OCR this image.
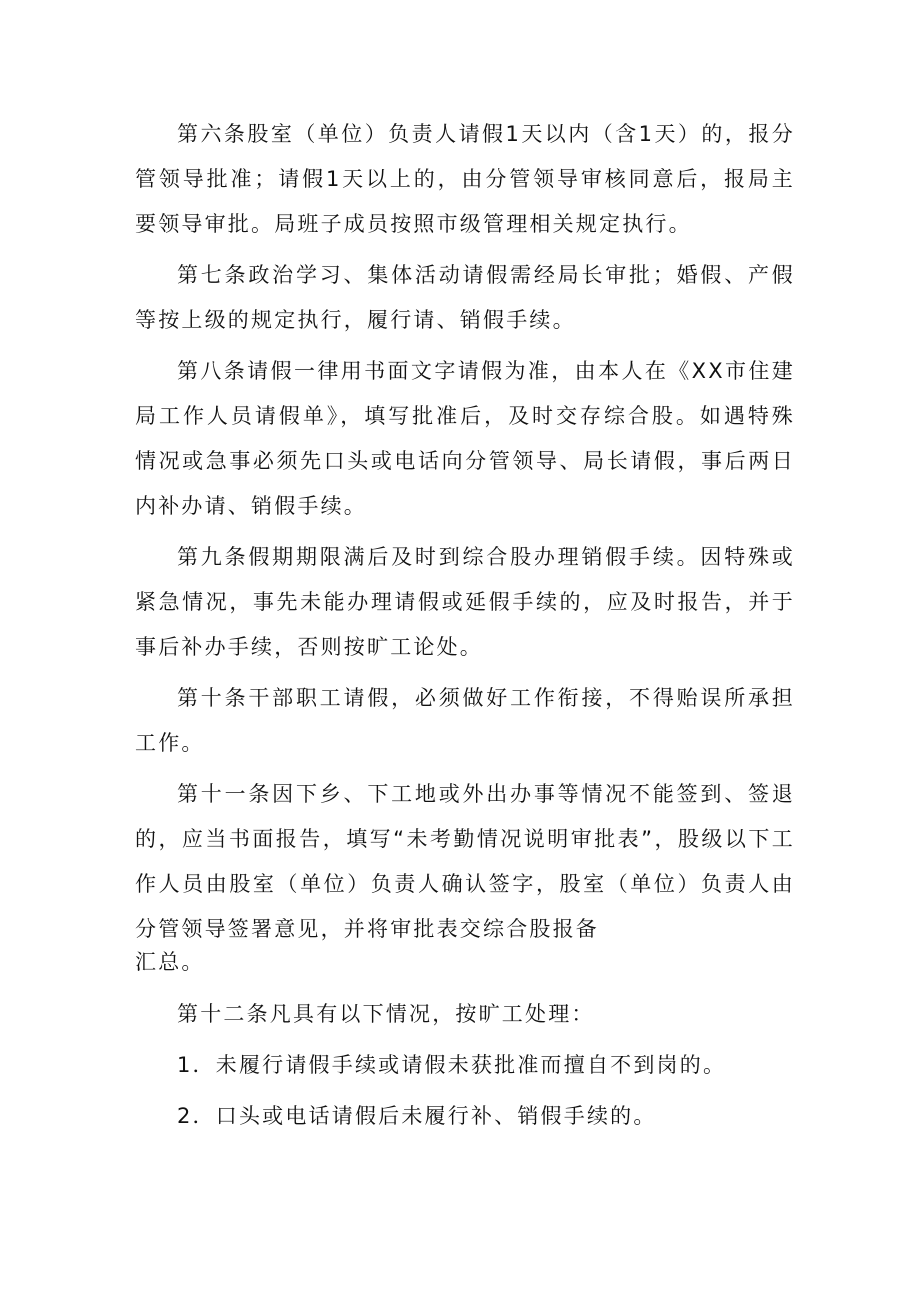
第六条股室（单位）负责人请假1天以内（含1天）的，报分管领导批准；请假1天以上的，由分管领导审核同意后，报局主要领导审批。局班子成员按照市级管理相关规定执行。

第七条政治学习、集体活动请假需经局长审批；婚假、产假等按上级的规定执行，履行请、销假手续。

第八条请假一律用书面文字请假为准，由本人在《XX市住建局工作人员请假单》，填写批准后，及时交存综合股。如遇特殊情况或急事必须先口头或电话向分管领导、局长请假，事后两日内补办请、销假手续。

第九条假期期限满后及时到综合股办理销假手续。因特殊或紧急情况，事先未能办理请假或延假手续的，应及时报告，并于事后补办手续，否则按旷工论处。

第十条干部职工请假，必须做好工作衔接，不得贻误所承担工作。

第十一条因下乡、下工地或外出办事等情况不能签到、签退的，应当书面报告，填写“未考勤情况说明审批表”，股级以下工作人员由股室（单位）负责人确认签字，股室（单位）负责人由分管领导签署意见，并将审批表交综合股报备

汇总。

第十二条凡具有以下情况，按旷工处理：

1．未履行请假手续或请假未获批准而擅自不到岗的。

2．口头或电话请假后未履行补、销假手续的。
